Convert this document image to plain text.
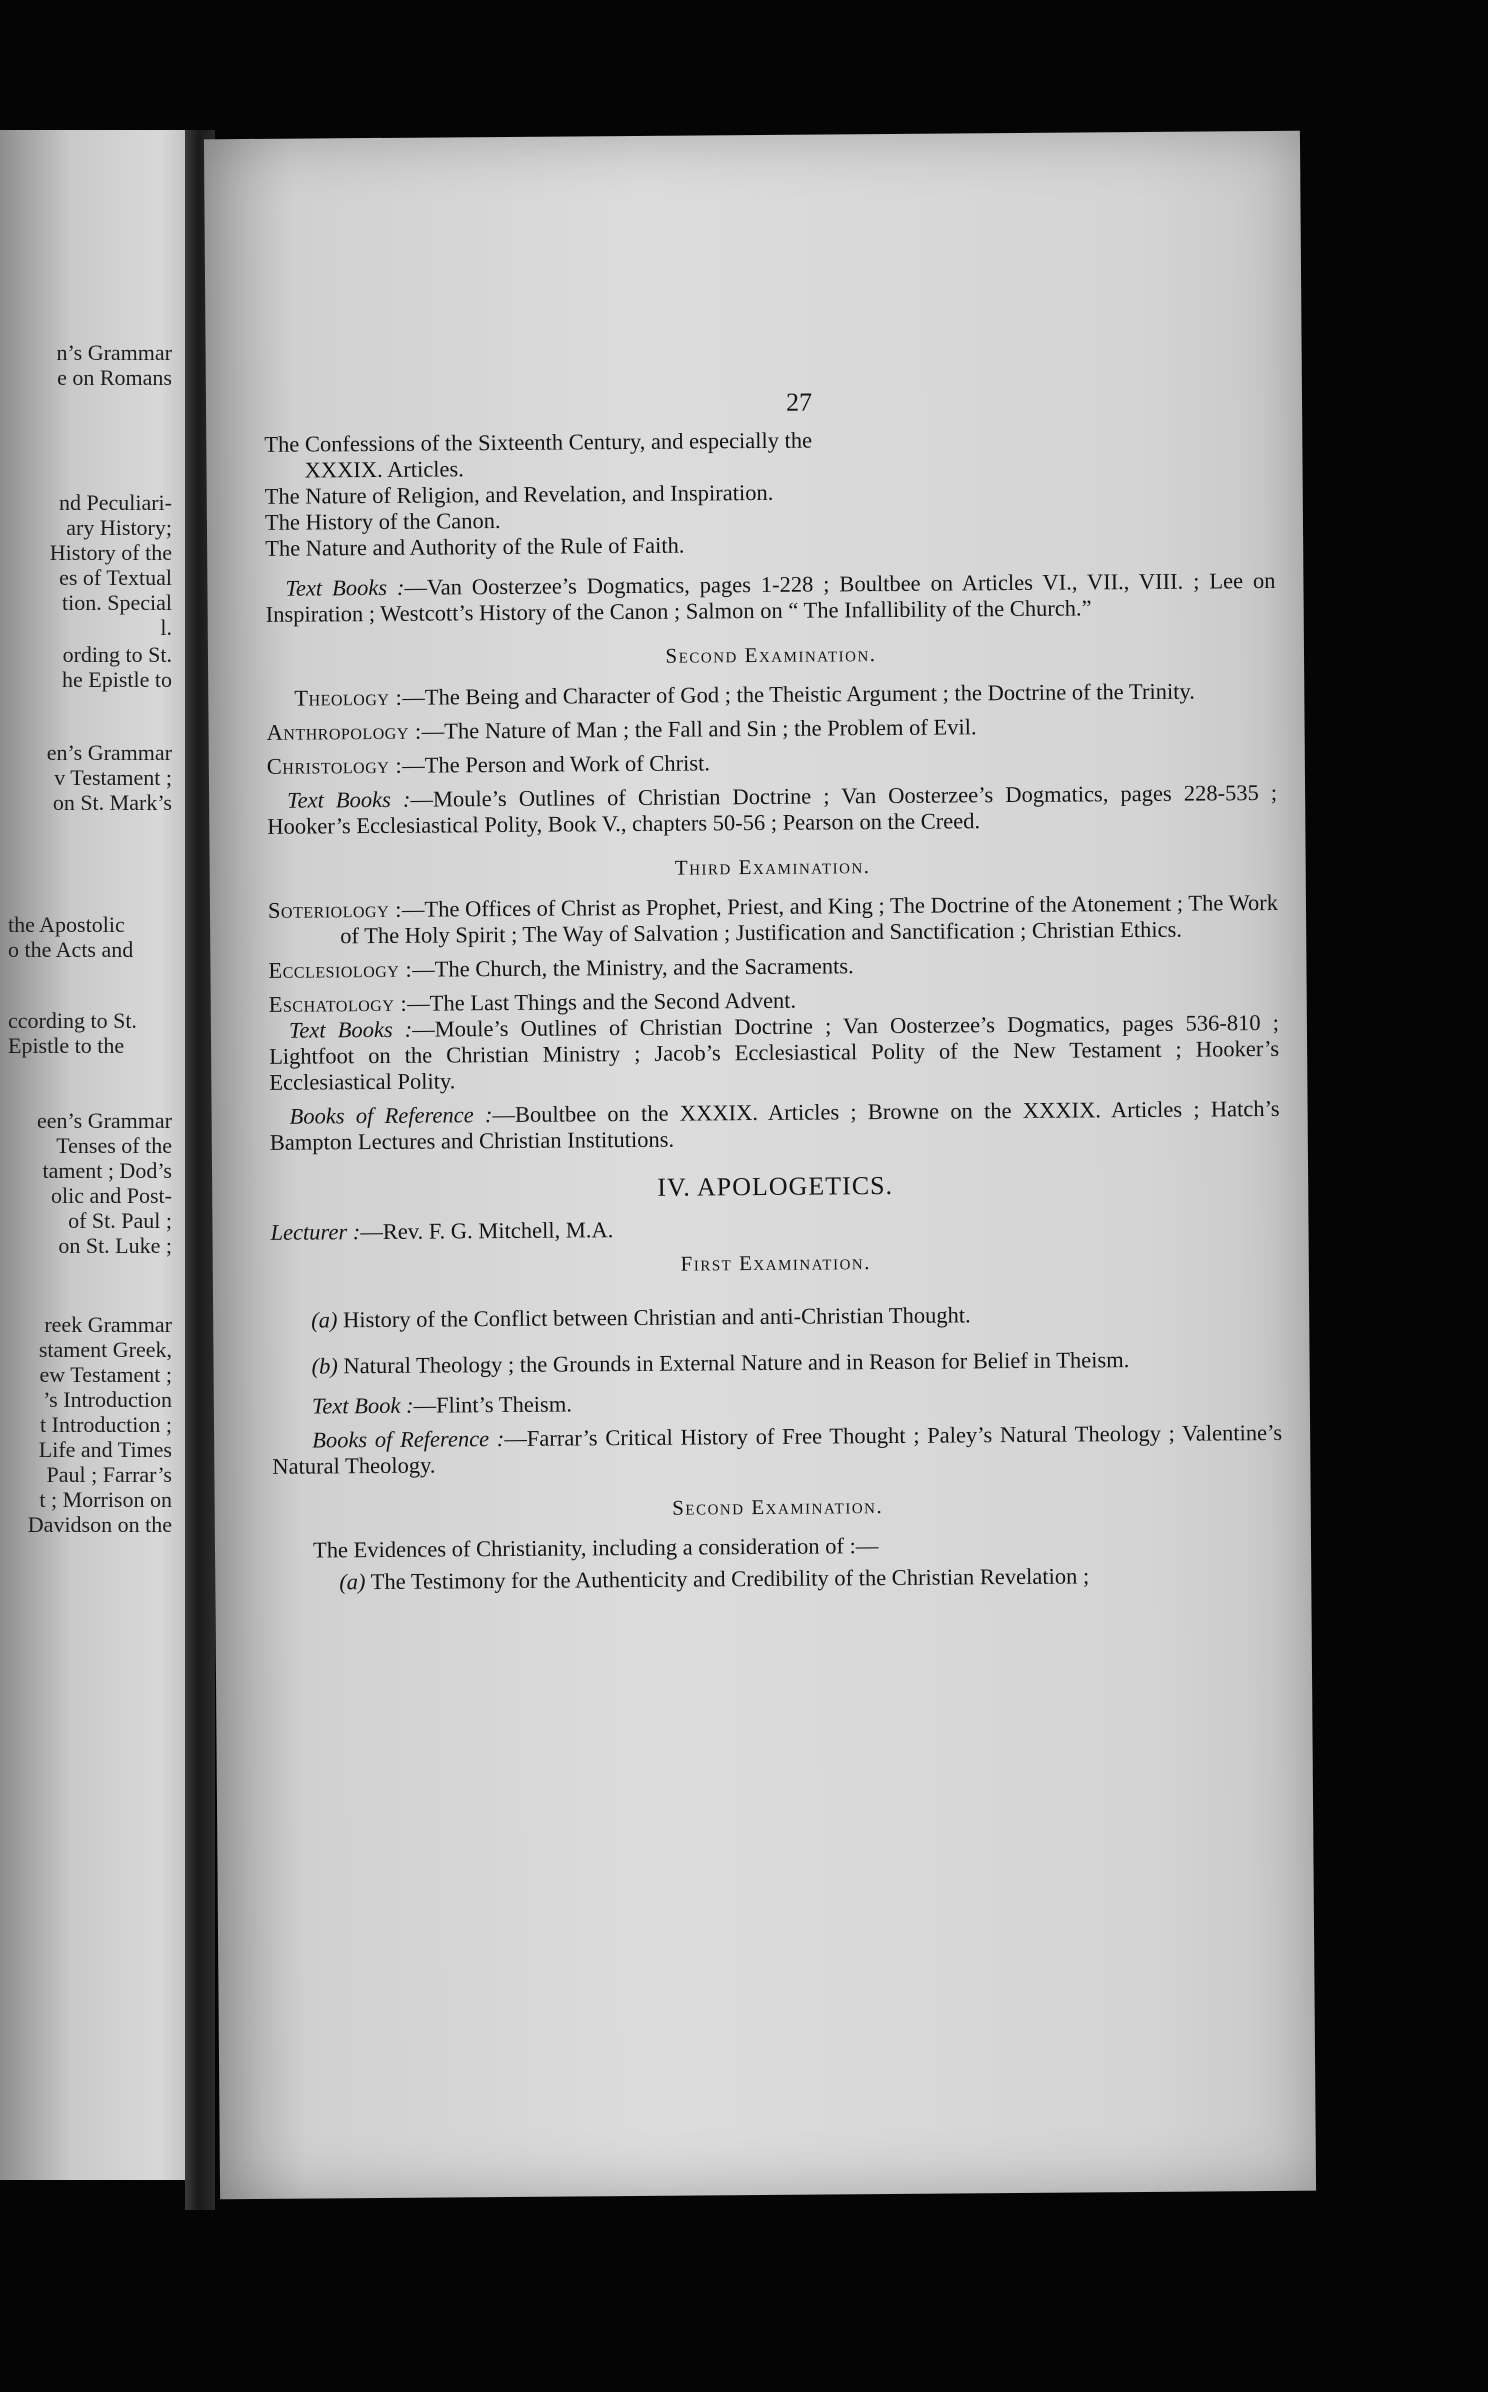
n’s Grammar
e on Romans
nd Peculiari-
ary History;
History of the
es of Textual
tion. Special
l.
ording to St.
he Epistle to
en’s Grammar
v Testament ;
on St. Mark’s
the Apostolic
o the Acts and
ccording to St.
Epistle to the
een’s Grammar
Tenses of the
tament ; Dod’s
olic and Post-
of St. Paul ;
on St. Luke ;
reek Grammar
stament Greek,
ew Testament ;
’s Introduction
t Introduction ;
Life and Times
Paul ; Farrar’s
t ; Morrison on
Davidson on the
27

The Confessions of the Sixteenth Century, and especially the

XXXIX. Articles.

The Nature of Religion, and Revelation, and Inspiration.

The History of the Canon.

The Nature and Authority of the Rule of Faith.

Text Books :—Van Oosterzee’s Dogmatics, pages 1-228 ; Boultbee on Articles VI., VII., VIII. ; Lee on Inspiration ; Westcott’s History of the Canon ; Salmon on “ The Infallibility of the Church.”

Second Examination.

Theology :—The Being and Character of God ; the Theistic Argument ; the Doctrine of the Trinity.

Anthropology :—The Nature of Man ; the Fall and Sin ; the Problem of Evil.

Christology :—The Person and Work of Christ.

Text Books :—Moule’s Outlines of Christian Doctrine ; Van Oosterzee’s Dogmatics, pages 228-535 ; Hooker’s Ecclesiastical Polity, Book V., chapters 50-56 ; Pearson on the Creed.

Third Examination.

Soteriology :—The Offices of Christ as Prophet, Priest, and King ; The Doctrine of the Atonement ; The Work of The Holy Spirit ; The Way of Salvation ; Justification and Sanctification ; Christian Ethics.

Ecclesiology :—The Church, the Ministry, and the Sacraments.

Eschatology :—The Last Things and the Second Advent.

Text Books :—Moule’s Outlines of Christian Doctrine ; Van Oosterzee’s Dogmatics, pages 536-810 ; Lightfoot on the Christian Ministry ; Jacob’s Ecclesiastical Polity of the New Testament ; Hooker’s Ecclesiastical Polity.

Books of Reference :—Boultbee on the XXXIX. Articles ; Browne on the XXXIX. Articles ; Hatch’s Bampton Lectures and Christian Institutions.

IV. APOLOGETICS.

Lecturer :—Rev. F. G. Mitchell, M.A.

First Examination.

(a) History of the Conflict between Christian and anti-Christian Thought.

(b) Natural Theology ; the Grounds in External Nature and in Reason for Belief in Theism.

Text Book :—Flint’s Theism.

Books of Reference :—Farrar’s Critical History of Free Thought ; Paley’s Natural Theology ; Valentine’s Natural Theology.

Second Examination.

The Evidences of Christianity, including a consideration of :—

(a) The Testimony for the Authenticity and Credibility of the Christian Revelation ;
